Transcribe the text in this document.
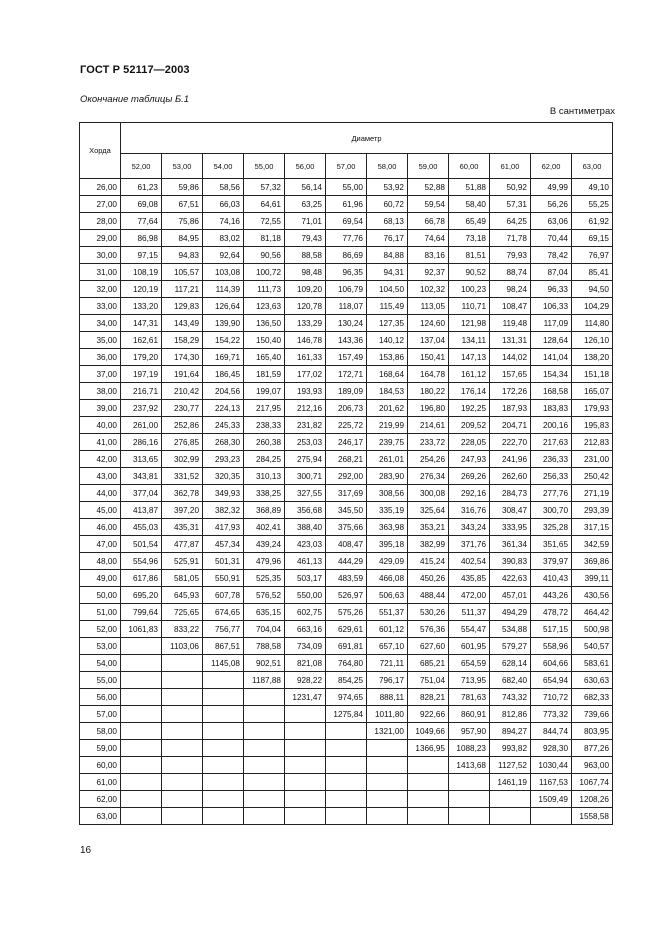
ГОСТ Р 52117—2003
Окончание таблицы Б.1
В сантиметрах
Хорда	Диаметр											
	52,00	53,00	54,00	55,00	56,00	57,00	58,00	59,00	60,00	61,00	62,00	63,00
26,00	61,23	59,86	58,56	57,32	56,14	55,00	53,92	52,88	51,88	50,92	49,99	49,10
27,00	69,08	67,51	66,03	64,61	63,25	61,96	60,72	59,54	58,40	57,31	56,26	55,25
28,00	77,64	75,86	74,16	72,55	71,01	69,54	68,13	66,78	65,49	64,25	63,06	61,92
29,00	86,98	84,95	83,02	81,18	79,43	77,76	76,17	74,64	73,18	71,78	70,44	69,15
30,00	97,15	94,83	92,64	90,56	88,58	86,69	84,88	83,16	81,51	79,93	78,42	76,97
31,00	108,19	105,57	103,08	100,72	98,48	96,35	94,31	92,37	90,52	88,74	87,04	85,41
32,00	120,19	117,21	114,39	111,73	109,20	106,79	104,50	102,32	100,23	98,24	96,33	94,50
33,00	133,20	129,83	126,64	123,63	120,78	118,07	115,49	113,05	110,71	108,47	106,33	104,29
34,00	147,31	143,49	139,90	136,50	133,29	130,24	127,35	124,60	121,98	119,48	117,09	114,80
35,00	162,61	158,29	154,22	150,40	146,78	143,36	140,12	137,04	134,11	131,31	128,64	126,10
36,00	179,20	174,30	169,71	165,40	161,33	157,49	153,86	150,41	147,13	144,02	141,04	138,20
37,00	197,19	191,64	186,45	181,59	177,02	172,71	168,64	164,78	161,12	157,65	154,34	151,18
38,00	216,71	210,42	204,56	199,07	193,93	189,09	184,53	180,22	176,14	172,26	168,58	165,07
39,00	237,92	230,77	224,13	217,95	212,16	206,73	201,62	196,80	192,25	187,93	183,83	179,93
40,00	261,00	252,86	245,33	238,33	231,82	225,72	219,99	214,61	209,52	204,71	200,16	195,83
41,00	286,16	276,85	268,30	260,38	253,03	246,17	239,75	233,72	228,05	222,70	217,63	212,83
42,00	313,65	302,99	293,23	284,25	275,94	268,21	261,01	254,26	247,93	241,96	236,33	231,00
43,00	343,81	331,52	320,35	310,13	300,71	292,00	283,90	276,34	269,26	262,60	256,33	250,42
44,00	377,04	362,78	349,93	338,25	327,55	317,69	308,56	300,08	292,16	284,73	277,76	271,19
45,00	413,87	397,20	382,32	368,89	356,68	345,50	335,19	325,64	316,76	308,47	300,70	293,39
46,00	455,03	435,31	417,93	402,41	388,40	375,66	363,98	353,21	343,24	333,95	325,28	317,15
47,00	501,54	477,87	457,34	439,24	423,03	408,47	395,18	382,99	371,76	361,34	351,65	342,59
48,00	554,96	525,91	501,31	479,96	461,13	444,29	429,09	415,24	402,54	390,83	379,97	369,86
49,00	617,86	581,05	550,91	525,35	503,17	483,59	466,08	450,26	435,85	422,63	410,43	399,11
50,00	695,20	645,93	607,78	576,52	550,00	526,97	506,63	488,44	472,00	457,01	443,26	430,56
51,00	799,64	725,65	674,65	635,15	602,75	575,26	551,37	530,26	511,37	494,29	478,72	464,42
52,00	1061,83	833,22	756,77	704,04	663,16	629,61	601,12	576,36	554,47	534,88	517,15	500,98
53,00		1103,06	867,51	788,58	734,09	691,81	657,10	627,60	601,95	579,27	558,96	540,57
54,00			1145,08	902,51	821,08	764,80	721,11	685,21	654,59	628,14	604,66	583,61
55,00				1187,88	928,22	854,25	796,17	751,04	713,95	682,40	654,94	630,63
56,00					1231,47	974,65	888,11	828,21	781,63	743,32	710,72	682,33
57,00						1275,84	1011,80	922,66	860,91	812,86	773,32	739,66
58,00							1321,00	1049,66	957,90	894,27	844,74	803,95
59,00								1366,95	1088,23	993,82	928,30	877,26
60,00									1413,68	1127,52	1030,44	963,00
61,00										1461,19	1167,53	1067,74
62,00											1509,49	1208,26
63,00												1558,58
16
